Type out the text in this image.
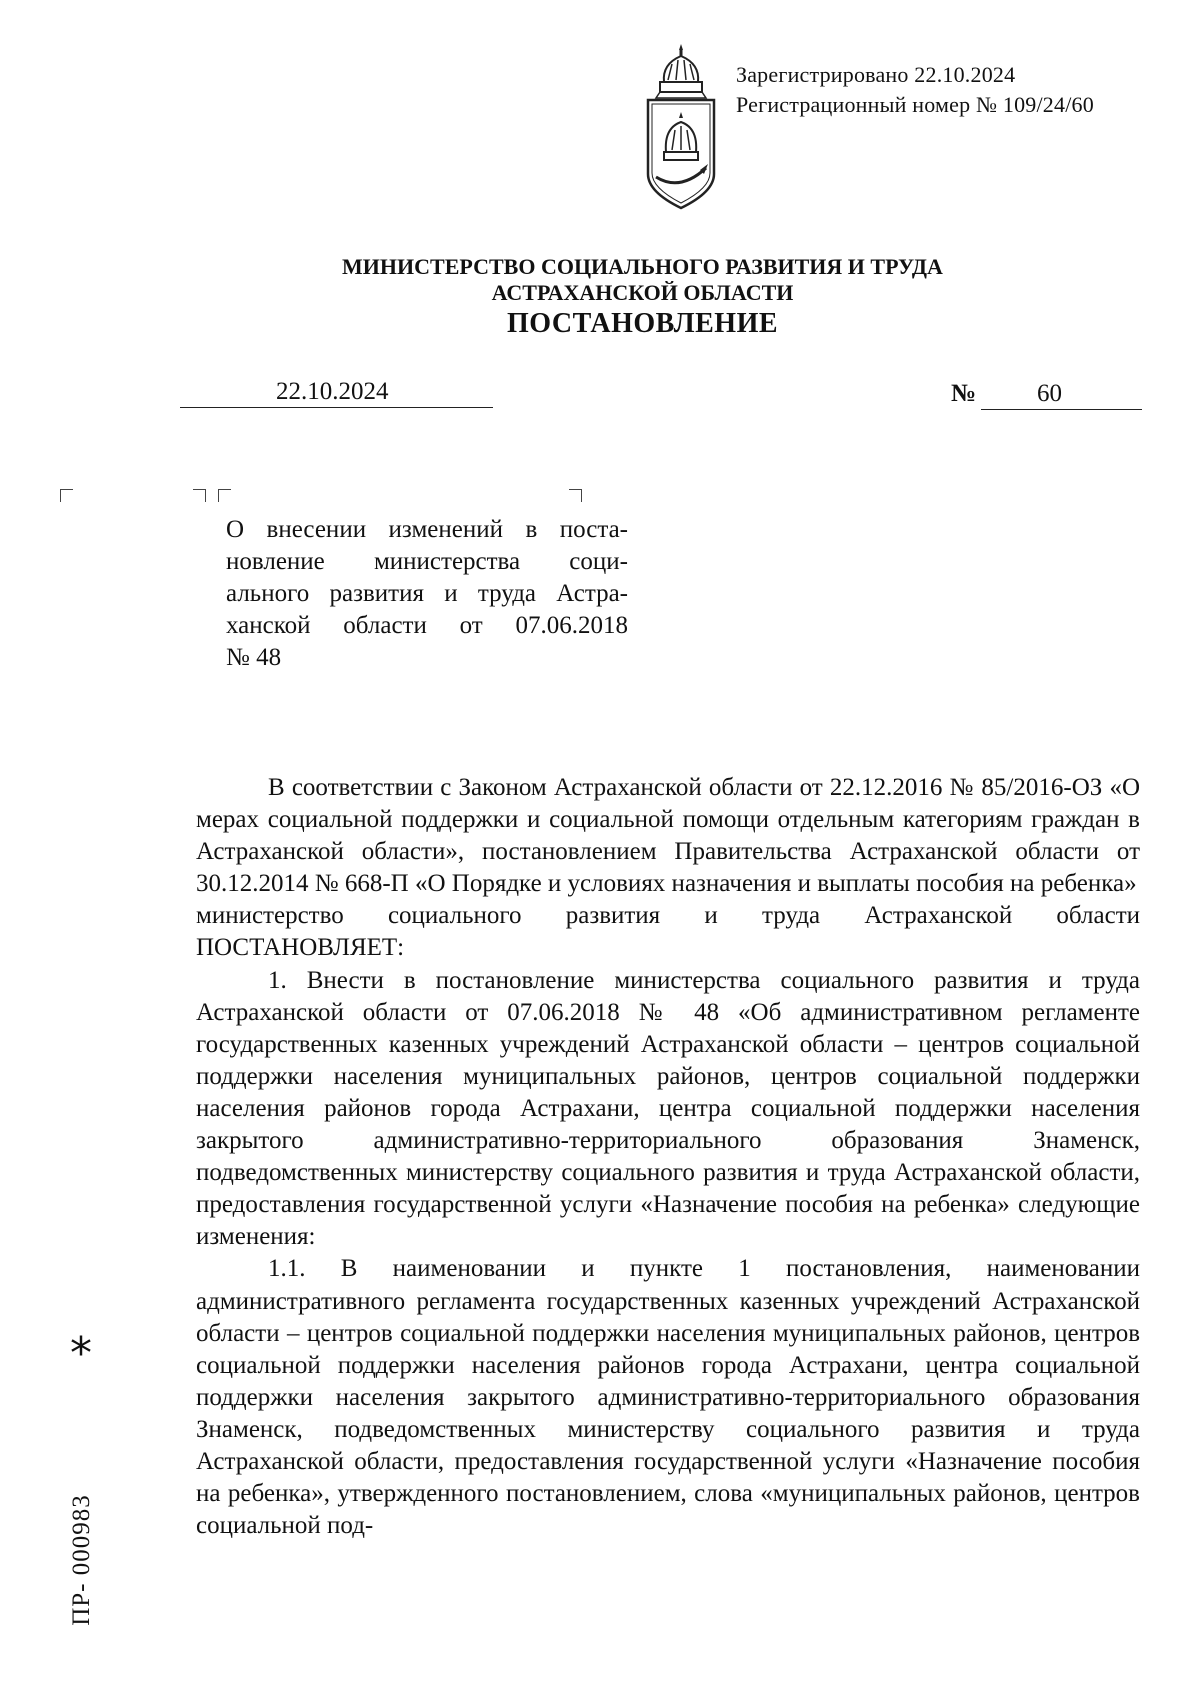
Зарегистрировано 22.10.2024
Регистрационный номер № 109/24/60
МИНИСТЕРСТВО СОЦИАЛЬНОГО РАЗВИТИЯ И ТРУДА
АСТРАХАНСКОЙ ОБЛАСТИ
ПОСТАНОВЛЕНИЕ
22.10.2024	№ 60
О внесении изменений в поста-
новление министерства соци-
ального развития и труда Астра-
ханской области от 07.06.2018
№ 48

В соответствии с Законом Астраханской области от 22.12.2016 № 85/2016-ОЗ «О мерах социальной поддержки и социальной помощи отдельным категориям граждан в Астраханской области», постановлением Правительства Астраханской области от 30.12.2014 № 668-П «О Порядке и условиях назначения и выплаты пособия на ребенка»

министерство социального развития и труда Астраханской области

ПОСТАНОВЛЯЕТ:

1. Внести в постановление министерства социального развития и труда Астраханской области от 07.06.2018 № 48 «Об административном регламенте государственных казенных учреждений Астраханской области – центров социальной поддержки населения муниципальных районов, центров социальной поддержки населения районов города Астрахани, центра социальной поддержки населения закрытого административно-территориального образования Знаменск, подведомственных министерству социального развития и труда Астраханской области, предоставления государственной услуги «Назначение пособия на ребенка» следующие изменения:

1.1. В наименовании и пункте 1 постановления, наименовании административного регламента государственных казенных учреждений Астраханской области – центров социальной поддержки населения муниципальных районов, центров социальной поддержки населения районов города Астрахани, центра социальной поддержки населения закрытого административно-территориального образования Знаменск, подведомственных министерству социального развития и труда Астраханской области, предоставления государственной услуги «Назначение пособия на ребенка», утвержденного постановлением, слова «муниципальных районов, центров социальной под-

*
ПР- 000983
